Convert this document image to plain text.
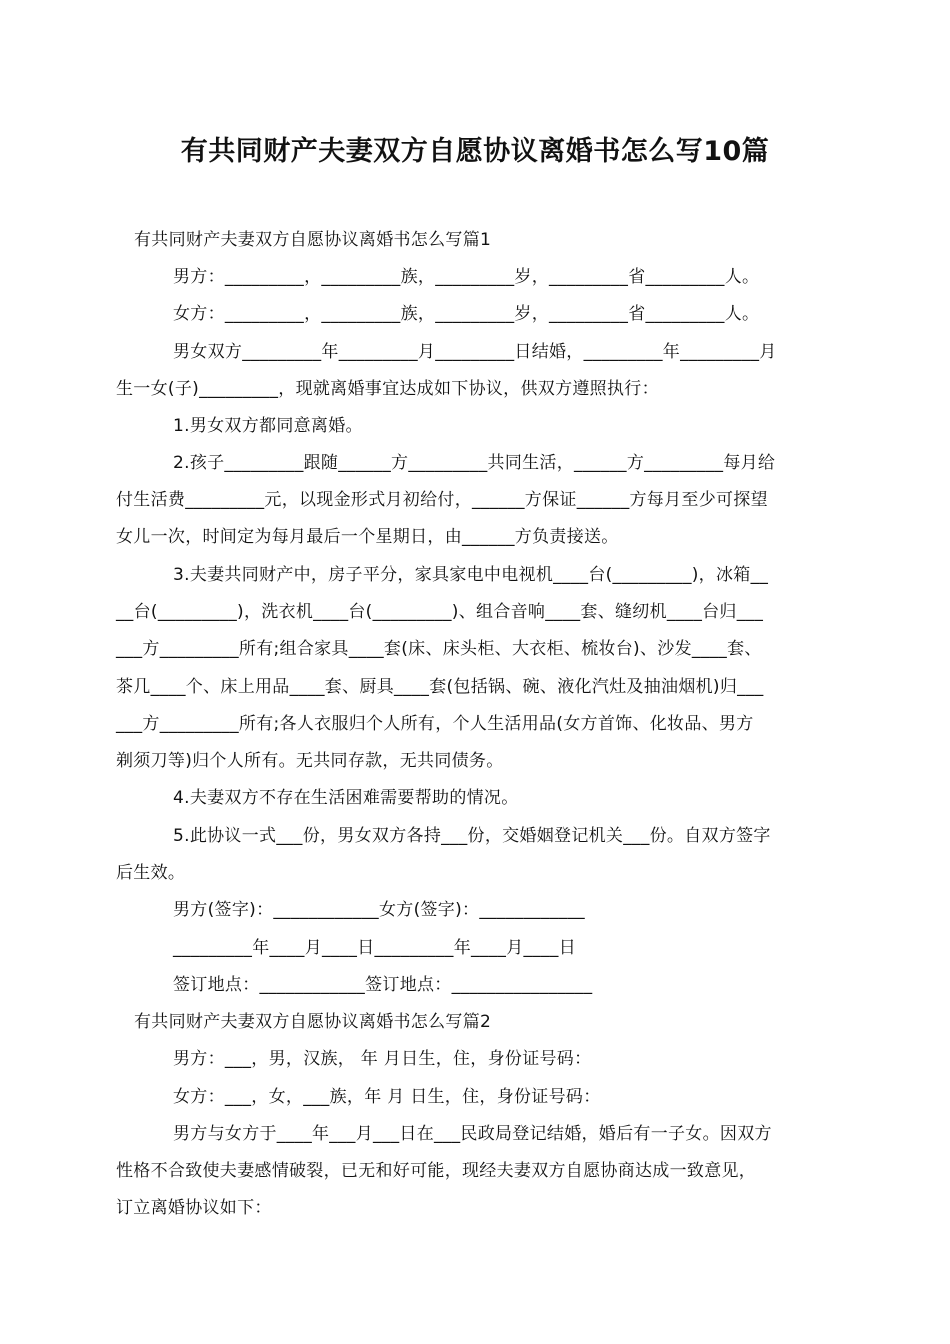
有共同财产夫妻双方自愿协议离婚书怎么写10篇
有共同财产夫妻双方自愿协议离婚书怎么写篇1
男方：_________，_________族，_________岁，_________省_________人。
女方：_________，_________族，_________岁，_________省_________人。
男女双方_________年_________月_________日结婚，_________年_________月
生一女(子)_________，现就离婚事宜达成如下协议，供双方遵照执行：
1.男女双方都同意离婚。
2.孩子_________跟随______方_________共同生活，______方_________每月给
付生活费_________元，以现金形式月初给付，______方保证______方每月至少可探望
女儿一次，时间定为每月最后一个星期日，由______方负责接送。
3.夫妻共同财产中，房子平分，家具家电中电视机____台(_________)，冰箱__
__台(_________)，洗衣机____台(_________)、组合音响____套、缝纫机____台归___
___方_________所有;组合家具____套(床、床头柜、大衣柜、梳妆台)、沙发____套、
茶几____个、床上用品____套、厨具____套(包括锅、碗、液化汽灶及抽油烟机)归___
___方_________所有;各人衣服归个人所有，个人生活用品(女方首饰、化妆品、男方
剃须刀等)归个人所有。无共同存款，无共同债务。
4.夫妻双方不存在生活困难需要帮助的情况。
5.此协议一式___份，男女双方各持___份，交婚姻登记机关___份。自双方签字
后生效。
男方(签字)：____________女方(签字)：____________
_________年____月____日_________年____月____日
签订地点：____________签订地点：________________
有共同财产夫妻双方自愿协议离婚书怎么写篇2
男方：___，男，汉族， 年 月日生，住，身份证号码：
女方：___，女，___族，年 月 日生，住，身份证号码：
男方与女方于____年___月___日在___民政局登记结婚，婚后有一子女。因双方
性格不合致使夫妻感情破裂，已无和好可能，现经夫妻双方自愿协商达成一致意见，
订立离婚协议如下：
